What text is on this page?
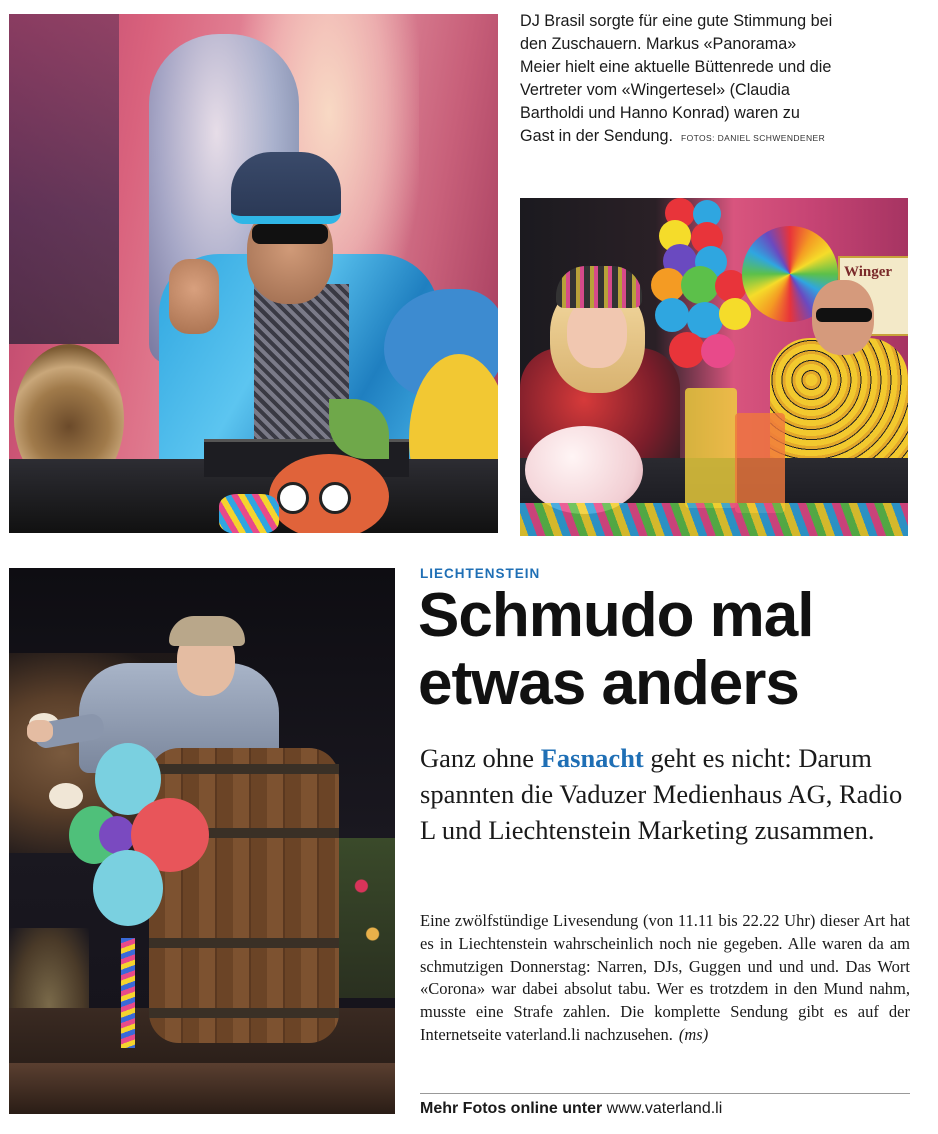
DJ Brasil sorgte für eine gute Stimmung bei den Zuschauern. Markus «Panorama» Meier hielt eine aktuelle Büttenrede und die Vertreter vom «Wingertesel» (Claudia Bartholdi und Hanno Konrad) waren zu Gast in der Sendung. FOTOS: DANIEL SCHWENDENER
Winger
LIECHTENSTEIN
Schmudo mal etwas anders

Ganz ohne Fasnacht geht es nicht: Darum spannten die Vaduzer Medienhaus AG, Radio L und Liechtenstein Marketing zusammen.

Eine zwölfstündige Livesendung (von 11.11 bis 22.22 Uhr) dieser Art hat es in Liechtenstein wahrscheinlich noch nie gegeben. Alle waren da am schmutzigen Donnerstag: Narren, DJs, Guggen und und und. Das Wort «Corona» war dabei absolut tabu. Wer es trotzdem in den Mund nahm, musste eine Strafe zahlen. Die komplette Sendung gibt es auf der Internetseite vaterland.li nachzusehen. (ms)

Mehr Fotos online unter www.vaterland.li
